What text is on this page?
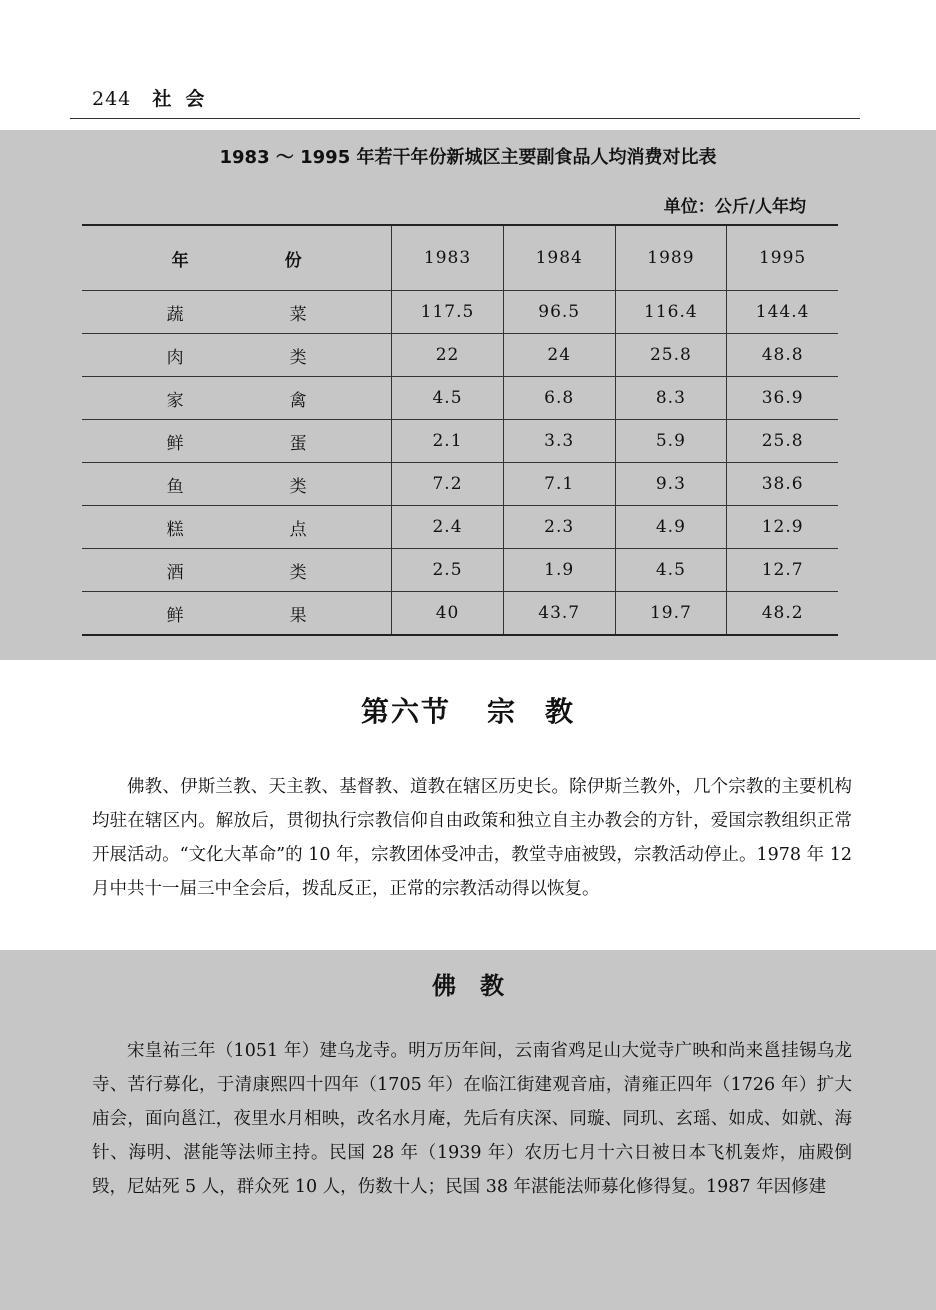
244 社会
1983 ～ 1995 年若干年份新城区主要副食品人均消费对比表
单位：公斤/人年均
年 份	1983	1984	1989	1995
蔬 菜	117.5	96.5	116.4	144.4
肉 类	22	24	25.8	48.8
家 禽	4.5	6.8	8.3	36.9
鲜 蛋	2.1	3.3	5.9	25.8
鱼 类	7.2	7.1	9.3	38.6
糕 点	2.4	2.3	4.9	12.9
酒 类	2.5	1.9	4.5	12.7
鲜 果	40	43.7	19.7	48.2
第六节 宗 教
佛教、伊斯兰教、天主教、基督教、道教在辖区历史长。除伊斯兰教外，几个宗教的主要机构均驻在辖区内。解放后，贯彻执行宗教信仰自由政策和独立自主办教会的方针，爱国宗教组织正常开展活动。“文化大革命”的 10 年，宗教团体受冲击，教堂寺庙被毁，宗教活动停止。1978 年 12 月中共十一届三中全会后，拨乱反正，正常的宗教活动得以恢复。
佛 教
宋皇祐三年（1051 年）建乌龙寺。明万历年间，云南省鸡足山大觉寺广映和尚来邕挂锡乌龙寺、苦行募化，于清康熙四十四年（1705 年）在临江街建观音庙，清雍正四年（1726 年）扩大庙会，面向邕江，夜里水月相映，改名水月庵，先后有庆深、同璇、同玑、玄瑶、如成、如就、海针、海明、湛能等法师主持。民国 28 年（1939 年）农历七月十六日被日本飞机轰炸，庙殿倒毁，尼姑死 5 人，群众死 10 人，伤数十人；民国 38 年湛能法师募化修得复。1987 年因修建
